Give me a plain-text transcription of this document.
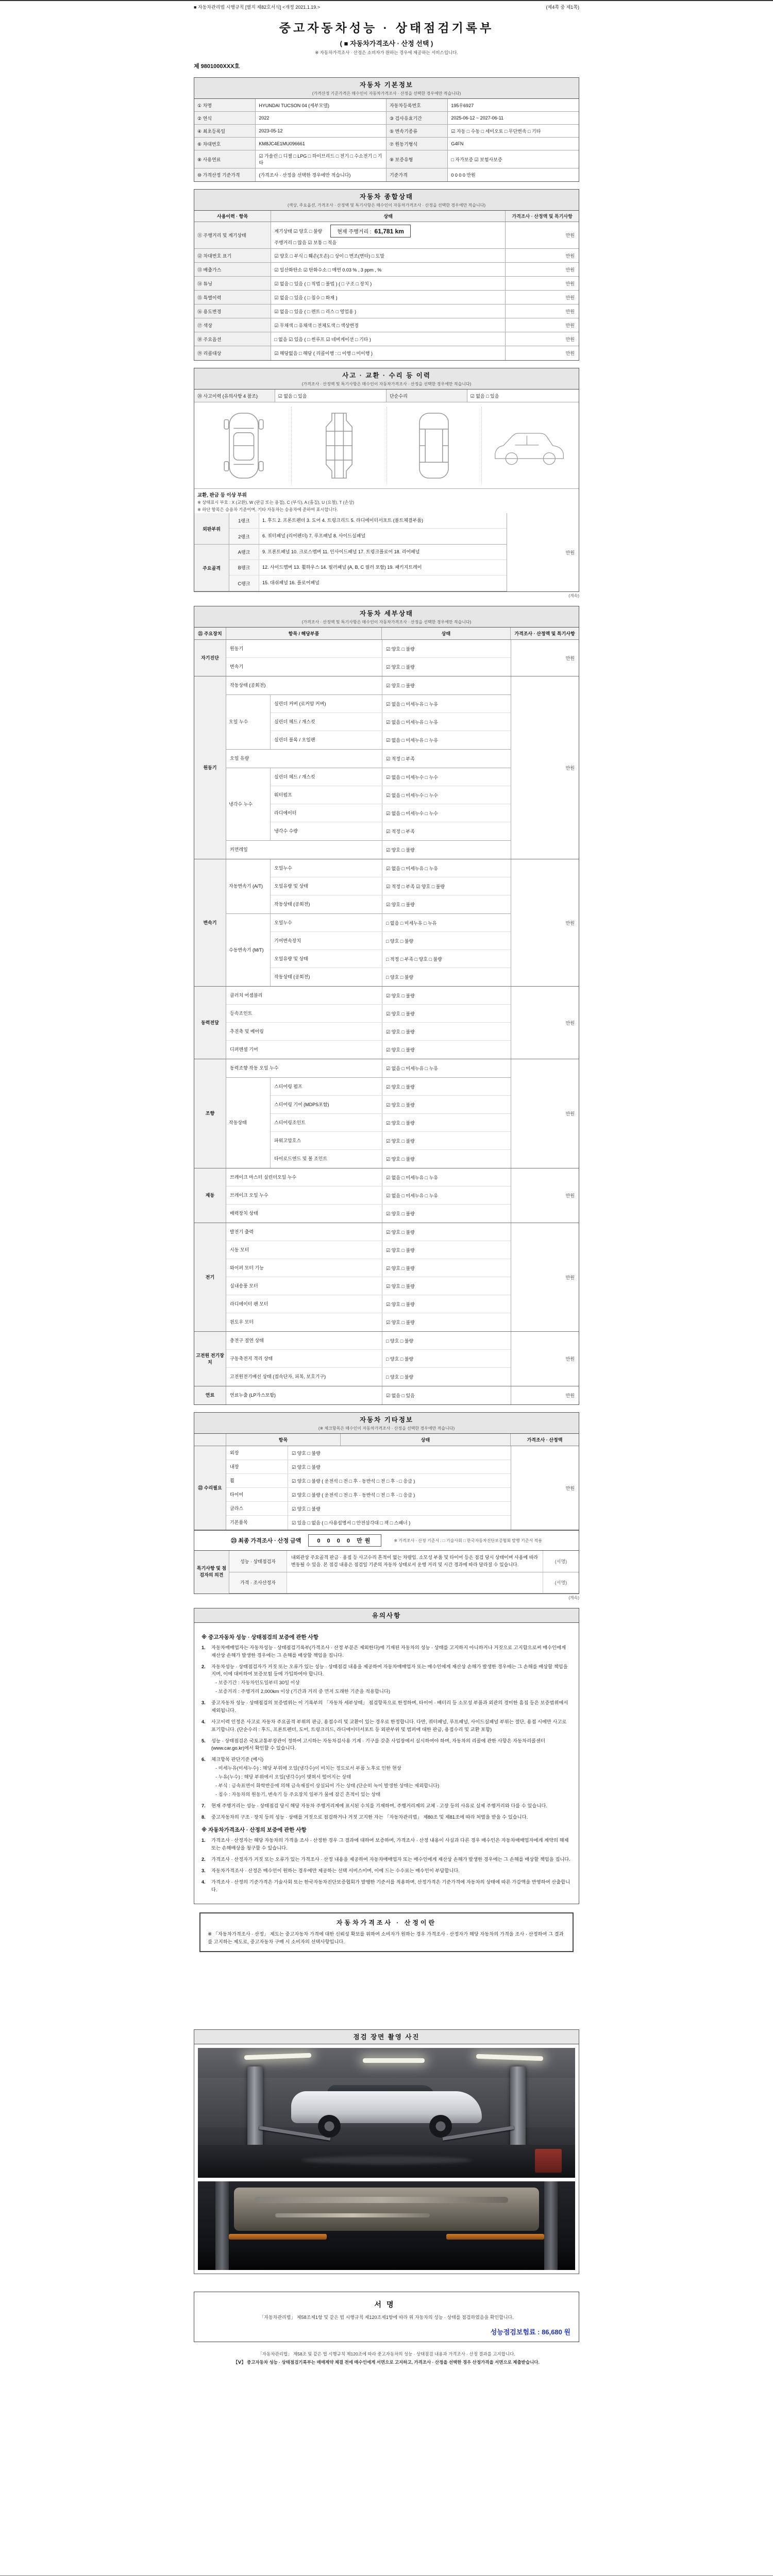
■ 자동차관리법 시행규칙 [별지 제82호서식] <개정 2021.1.19.>	(제4쪽 중 제1쪽)
중고자동차성능 · 상태점검기록부
( ■ 자동차가격조사 · 산정 선택 )
※ 자동차가격조사 · 산정은 소비자가 원하는 경우에 제공하는 서비스입니다.
제 9801000XXX호
자동차 기본정보
(가격산정 기준가격은 매수인이 자동차가격조사 · 산정을 선택한 경우에만 적습니다)
① 차명	HYUNDAI TUCSON 04 (세부모델)	자동차등록번호	195우6927
② 연식	2022	③ 검사유효기간	2025-06-12 ~ 2027-06-11
④ 최초등록일	2023-05-12	⑤ 변속기종류	☑ 자동 □ 수동 □ 세미오토 □ 무단변속 □ 기타
⑥ 차대번호	KM8JC4E1MU096661	⑦ 원동기형식	G4FN
⑧ 사용연료
☑ 가솔린 □ 디젤 □ LPG □ 하이브리드 □ 전기 □ 수소전기 □ 기타
⑨ 보증유형	□ 자가보증 ☑ 보험사보증
⑩ 가격산정 기준가격	(가격조사 · 산정을 선택한 경우에만 적습니다)	기준가격	0 0 0 0 만원
자동차 종합상태
(색상, 주요옵션, 가격조사 · 산정액 및 특기사항은 매수인이 자동차가격조사 · 산정을 선택한 경우에만 적습니다)
사용이력 · 항목	상태	가격조사 · 산정액 및 특기사항
⑪ 주행거리 및 계기상태
계기상태 ☑ 양호 □ 불량	현재 주행거리 : 61,781 km
주행거리 □ 많음 ☑ 보통 □ 적음
만원
⑫ 차대번호 표기	☑ 양호 □ 부식 □ 훼손(오손) □ 상이 □ 변조(변타) □ 도말	만원
⑬ 배출가스	☑ 일산화탄소 ☑ 탄화수소 □ 매연 0.03 % , 3 ppm , %	만원
⑭ 튜닝	☑ 없음 □ 있음 ( □ 적법 □ 불법 ) ( □ 구조 □ 장치 )	만원
⑮ 특별이력	☑ 없음 □ 있음 ( □ 침수 □ 화재 )	만원
⑯ 용도변경	☑ 없음 □ 있음 ( □ 렌트 □ 리스 □ 영업용 )	만원
⑰ 색상	☑ 무채색 □ 유채색 □ 전체도색 □ 색상변경	만원
⑱ 주요옵션	□ 없음 ☑ 있음 ( □ 썬루프 ☑ 네비게이션 □ 기타 )	만원
⑲ 리콜대상	☑ 해당없음 □ 해당 ( 리콜이행 : □ 이행 □ 미이행 )	만원
사고 · 교환 · 수리 등 이력
(가격조사 · 산정액 및 특기사항은 매수인이 자동차가격조사 · 산정을 선택한 경우에만 적습니다)
⑳ 사고이력 (유의사항 4 참조)	☑ 없음 □ 있음	단순수리	☑ 없음 □ 있음
교환, 판금 등 이상 부위
※ 상태표시 부호 : X (교환), W (판금 또는 용접), C (부식), A (흠집), U (요철), T (손상)
※ 하단 항목은 승용차 기준이며, 기타 자동차는 승용차에 준하여 표시합니다.
외판부위
1랭크	1. 후드 2. 프론트펜더 3. 도어 4. 트렁크리드 5. 라디에이터서포트 (볼트체결부품)
2랭크	6. 쿼터패널 (리어펜더) 7. 루프패널 8. 사이드실패널
주요골격
A랭크	9. 프론트패널 10. 크로스멤버 11. 인사이드패널 17. 트렁크플로어 18. 리어패널
B랭크	12. 사이드멤버 13. 휠하우스 14. 필러패널 (A, B, C 필러 포함) 19. 패키지트레이
C랭크	15. 대쉬패널 16. 플로어패널
만원
(계속)
자동차 세부상태
(가격조사 · 산정액 및 특기사항은 매수인이 자동차가격조사 · 산정을 선택한 경우에만 적습니다)
㉑ 주요장치	항목 / 해당부품	상태	가격조사 · 산정액 및 특기사항
자기진단
원동기	☑ 양호 □ 불량
변속기	☑ 양호 □ 불량
만원
원동기
작동상태 (공회전)	☑ 양호 □ 불량
오일 누수
실린더 커버 (로커암 커버)	☑ 없음 □ 미세누유 □ 누유
실린더 헤드 / 개스킷	☑ 없음 □ 미세누유 □ 누유
실린더 블록 / 오일팬	☑ 없음 □ 미세누유 □ 누유
오일 유량	☑ 적정 □ 부족
냉각수 누수
실린더 헤드 / 개스킷	☑ 없음 □ 미세누수 □ 누수
워터펌프	☑ 없음 □ 미세누수 □ 누수
라디에이터	☑ 없음 □ 미세누수 □ 누수
냉각수 수량	☑ 적정 □ 부족
커먼레일	☑ 양호 □ 불량
만원
변속기
자동변속기 (A/T)
오일누수	☑ 없음 □ 미세누유 □ 누유
오일유량 및 상태	☑ 적정 □ 부족 ☑ 양호 □ 불량
작동상태 (공회전)	☑ 양호 □ 불량
수동변속기 (M/T)
오일누수	□ 없음 □ 미세누유 □ 누유
기어변속장치	□ 양호 □ 불량
오일유량 및 상태	□ 적정 □ 부족 □ 양호 □ 불량
작동상태 (공회전)	□ 양호 □ 불량
만원
동력전달
클러치 어셈블리	☑ 양호 □ 불량
등속조인트	☑ 양호 □ 불량
추진축 및 베어링	☑ 양호 □ 불량
디퍼렌셜 기어	☑ 양호 □ 불량
만원
조향
동력조향 작동 오일 누수	☑ 없음 □ 미세누유 □ 누유
작동상태
스티어링 펌프	☑ 양호 □ 불량
스티어링 기어 (MDPS포함)	☑ 양호 □ 불량
스티어링조인트	☑ 양호 □ 불량
파워고압호스	☑ 양호 □ 불량
타이로드엔드 및 볼 조인트	☑ 양호 □ 불량
만원
제동
브레이크 마스터 실린더오일 누수	☑ 없음 □ 미세누유 □ 누유
브레이크 오일 누수	☑ 없음 □ 미세누유 □ 누유
배력장치 상태	☑ 양호 □ 불량
만원
전기
발전기 출력	☑ 양호 □ 불량
시동 모터	☑ 양호 □ 불량
와이퍼 모터 기능	☑ 양호 □ 불량
실내송풍 모터	☑ 양호 □ 불량
라디에이터 팬 모터	☑ 양호 □ 불량
윈도우 모터	☑ 양호 □ 불량
만원
고전원 전기장치
충전구 절연 상태	□ 양호 □ 불량
구동축전지 격리 상태	□ 양호 □ 불량
고전원전기배선 상태 (접속단자, 피복, 보호기구)	□ 양호 □ 불량
만원
연료	연료누출 (LP가스포함)	☑ 없음 □ 있음	만원
자동차 기타정보
(※ 체크항목은 매수인이 자동차가격조사 · 산정을 선택한 경우에만 적습니다)
항목	상태	가격조사 · 산정액
㉒ 수리필요
외장	☑ 양호 □ 불량
내장	☑ 양호 □ 불량
휠	☑ 양호 □ 불량 ( 운전석 □ 전 □ 후 · 동반석 □ 전 □ 후 · □ 응급 )
타이어	☑ 양호 □ 불량 ( 운전석 □ 전 □ 후 · 동반석 □ 전 □ 후 · □ 응급 )
글라스	☑ 양호 □ 불량
기본품목	☑ 있음 □ 없음 ( □ 사용설명서 □ 안전삼각대 □ 잭 □ 스패너 )
만원
㉓ 최종 가격조사 · 산정 금액	0 0 0 0 만원	※ 가격조사 · 산정 기준서 : □ 기술사회 □ 한국자동차진단보증협회 발행 기준서 적용
특기사항 및 점검자의 의견
성능 · 상태점검자
내외관상 주요골격 판금 · 용접 등 사고수리 흔적이 없는 차량임. 소모성 부품 및 타이어 등은 점검 당시 상태이며 사용에 따라 변동될 수 있음. 본 점검 내용은 점검일 기준의 자동차 상태로서 운행 거리 및 시간 경과에 따라 달라질 수 있습니다.
(서명)
가격 · 조사산정자	(서명)
(계속)
유의사항
※ 중고자동차 성능 · 상태점검의 보증에 관한 사항
1.	자동차매매업자는 자동차성능 · 상태점검기록부(가격조사 · 산정 부분은 제외한다)에 기재된 자동차의 성능 · 상태를 고지하지 아니하거나 거짓으로 고지함으로써 매수인에게 재산상 손해가 발생한 경우에는 그 손해를 배상할 책임을 집니다.
2.	자동차성능 · 상태점검자가 거짓 또는 오류가 있는 성능 · 상태점검 내용을 제공하여 자동차매매업자 또는 매수인에게 재산상 손해가 발생한 경우에는 그 손해를 배상할 책임을 지며, 이에 대비하여 보증보험 등에 가입하여야 합니다.
- 보증기간 : 자동차인도일부터 30일 이상
- 보증거리 : 주행거리 2,000km 이상 (기간과 거리 중 먼저 도래한 기준을 적용합니다)
3.	중고자동차 성능 · 상태점검의 보증범위는 이 기록부의 「자동차 세부상태」 점검항목으로 한정하며, 타이어 · 배터리 등 소모성 부품과 외관의 경미한 흠집 등은 보증범위에서 제외됩니다.
4.	사고이력 인정은 사고로 자동차 주요골격 부위의 판금, 용접수리 및 교환이 있는 경우로 한정합니다. 다만, 쿼터패널, 루프패널, 사이드실패널 부위는 절단, 용접 시에만 사고로 표기합니다. (단순수리 : 후드, 프론트펜더, 도어, 트렁크리드, 라디에이터서포트 등 외판부위 및 범퍼에 대한 판금, 용접수리 및 교환 포함)
5.	성능 · 상태점검은 국토교통부장관이 정하여 고시하는 자동차검사용 기계 · 기구를 갖춘 사업장에서 실시하여야 하며, 자동차의 리콜에 관한 사항은 자동차리콜센터(www.car.go.kr)에서 확인할 수 있습니다.
6.	체크항목 판단기준 (예시)
- 미세누유(미세누수) : 해당 부위에 오일(냉각수)이 비치는 정도로서 부품 노후로 인한 현상
- 누유(누수) : 해당 부위에서 오일(냉각수)이 맺혀서 떨어지는 상태
- 부식 : 금속표면이 화학반응에 의해 금속재질이 상실되어 가는 상태 (단순히 녹이 발생한 상태는 제외합니다)
- 침수 : 자동차의 원동기, 변속기 등 주요장치 일부가 물에 잠긴 흔적이 있는 상태
7.	현재 주행거리는 성능 · 상태점검 당시 해당 자동차 주행거리계에 표시된 수치를 기재하며, 주행거리계의 교체 · 고장 등의 사유로 실제 주행거리와 다를 수 있습니다.
8.	중고자동차의 구조 · 장치 등의 성능 · 상태를 거짓으로 점검하거나 거짓 고지한 자는 「자동차관리법」 제80조 및 제81조에 따라 처벌을 받을 수 있습니다.
※ 자동차가격조사 · 산정의 보증에 관한 사항
1.	가격조사 · 산정자는 해당 자동차의 가격을 조사 · 산정한 경우 그 결과에 대하여 보증하며, 가격조사 · 산정 내용이 사실과 다른 경우 매수인은 자동차매매업자에게 계약의 해제 또는 손해배상을 청구할 수 있습니다.
2.	가격조사 · 산정자가 거짓 또는 오류가 있는 가격조사 · 산정 내용을 제공하여 자동차매매업자 또는 매수인에게 재산상 손해가 발생한 경우에는 그 손해를 배상할 책임을 집니다.
3.	자동차가격조사 · 산정은 매수인이 원하는 경우에만 제공하는 선택 서비스이며, 이에 드는 수수료는 매수인이 부담합니다.
4.	가격조사 · 산정의 기준가격은 기술사회 또는 한국자동차진단보증협회가 발행한 기준서를 적용하며, 산정가격은 기준가격에 자동차의 상태에 따른 가감액을 반영하여 산출합니다.
자동차가격조사 · 산정이란
※ 「자동차가격조사 · 산정」 제도는 중고자동차 가격에 대한 신뢰성 확보를 위하여 소비자가 원하는 경우 가격조사 · 산정자가 해당 자동차의 가격을 조사 · 산정하여 그 결과를 고지하는 제도로, 중고자동차 구매 시 소비자의 선택사항입니다.
점검 장면 촬영 사진
서명
「자동차관리법」 제58조제1항 및 같은 법 시행규칙 제120조제1항에 따라 위 자동차의 성능 · 상태를 점검하였음을 확인합니다.
성능점검보험료 : 86,680 원
「자동차관리법」 제58조 및 같은 법 시행규칙 제120조에 따라 중고자동차의 성능 · 상태점검 내용과 가격조사 · 산정 결과를 고지합니다.
【Ⅴ】 중고자동차 성능 · 상태점검기록부는 매매계약 체결 전에 매수인에게 서면으로 고지하고, 가격조사 · 산정을 선택한 경우 산정가격을 서면으로 제출받습니다.
